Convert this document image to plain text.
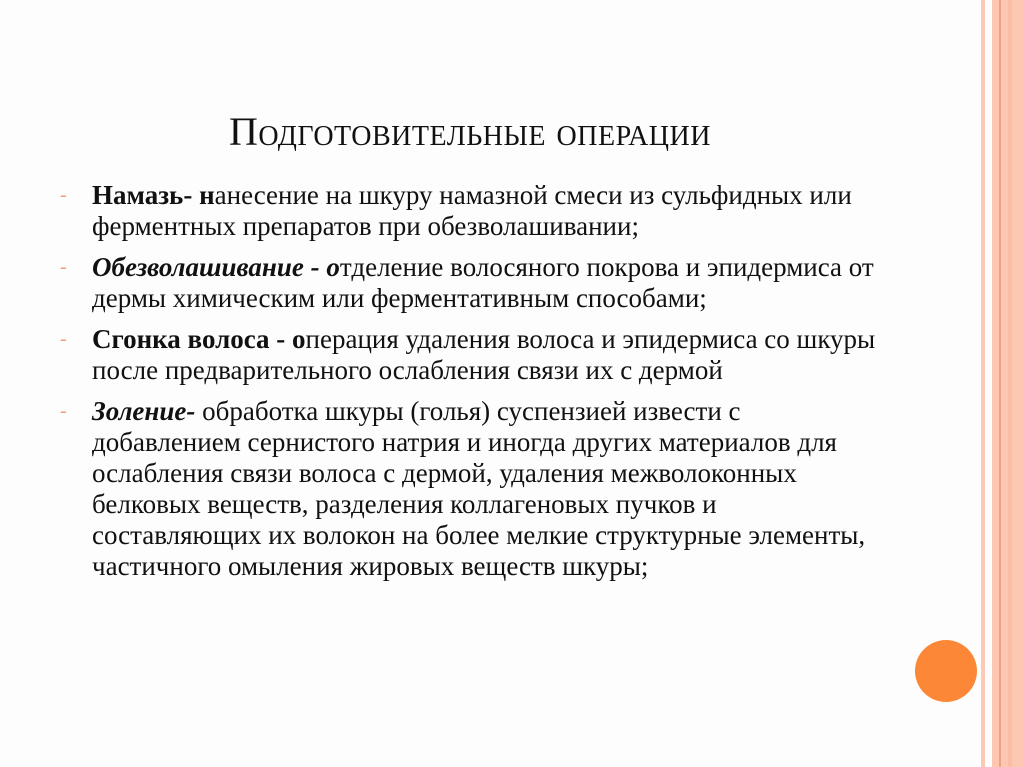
Подготовительные операции
- Намазь- нанесение на шкуру намазной смеси из сульфидных или ферментных препаратов при обезволашивании;
- Обезволашивание - отделение волосяного покрова и эпидермиса от дермы химическим или ферментативным способами;
- Сгонка волоса - операция удаления волоса и эпидермиса со шкуры после предварительного ослабления связи их с дермой
- Золение- обработка шкуры (голья) суспензией извести с добавлением сернистого натрия и иногда других материалов для ослабления связи волоса с дермой, удаления межволоконных белковых веществ, разделения коллагеновых пучков и составляющих их волокон на более мелкие структурные элементы, частичного омыления жировых веществ шкуры;
